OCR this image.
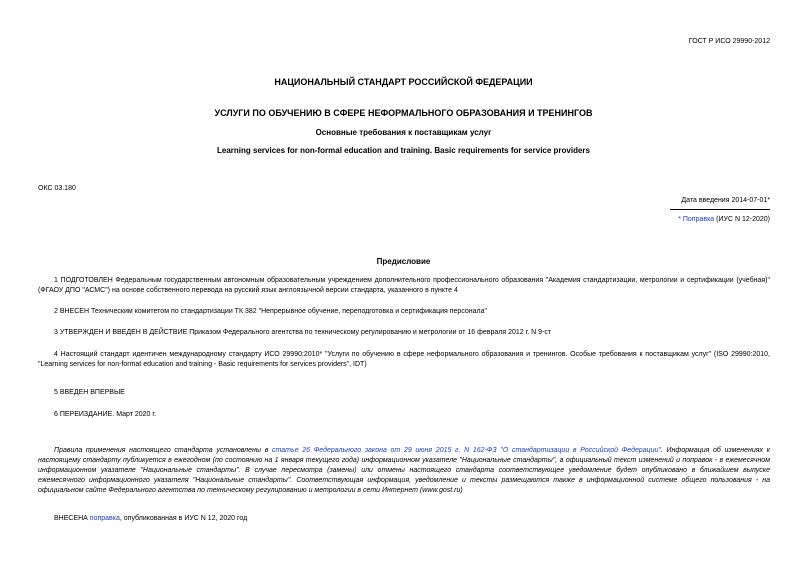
ГОСТ Р ИСО 29990-2012
НАЦИОНАЛЬНЫЙ СТАНДАРТ РОССИЙСКОЙ ФЕДЕРАЦИИ
УСЛУГИ ПО ОБУЧЕНИЮ В СФЕРЕ НЕФОРМАЛЬНОГО ОБРАЗОВАНИЯ И ТРЕНИНГОВ
Основные требования к поставщикам услуг
Learning services for non-formal education and training. Basic requirements for service providers
ОКС 03.180
Дата введения 2014-07-01*
* Поправка (ИУС N 12-2020)
Предисловие
1 ПОДГОТОВЛЕН Федеральным государственным автономным образовательным учреждением дополнительного профессионального образования "Академия стандартизации, метрологии и сертификации (учебная)" (ФГАОУ ДПО "АСМС") на основе собственного перевода на русский язык англоязычной версии стандарта, указанного в пункте 4
2 ВНЕСЕН Техническим комитетом по стандартизации ТК 382 "Непрерывное обучение, переподготовка и сертификация персонала"
3 УТВЕРЖДЕН И ВВЕДЕН В ДЕЙСТВИЕ Приказом Федерального агентства по техническому регулированию и метрологии от 16 февраля 2012 г. N 9-ст
4 Настоящий стандарт идентичен международному стандарту ИСО 29990:2010* "Услуги по обучению в сфере неформального образования и тренингов. Особые требования к поставщикам услуг" (ISO 29990:2010, "Learning services for non-format education and training - Basic requirements for services providers", IDT)
5 ВВЕДЕН ВПЕРВЫЕ
6 ПЕРЕИЗДАНИЕ. Март 2020 г.
Правила применения настоящего стандарта установлены в статье 26 Федерального закона от 29 июня 2015 г. N 162-ФЗ "О стандартизации в Российской Федерации". Информация об изменениях к настоящему стандарту публикуется в ежегодном (по состоянию на 1 января текущего года) информационном указателе "Национальные стандарты", а официальный текст изменений и поправок - в ежемесячном информационном указателе "Национальные стандарты". В случае пересмотра (замены) или отмены настоящего стандарта соответствующее уведомление будет опубликовано в ближайшем выпуске ежемесячного информационного указателя "Национальные стандарты". Соответствующая информация, уведомление и тексты размещаются также в информационной системе общего пользования - на официальном сайте Федерального агентства по техническому регулированию и метрологии в сети Интернет (www.gost.ru)
ВНЕСЕНА поправка, опубликованная в ИУС N 12, 2020 год
